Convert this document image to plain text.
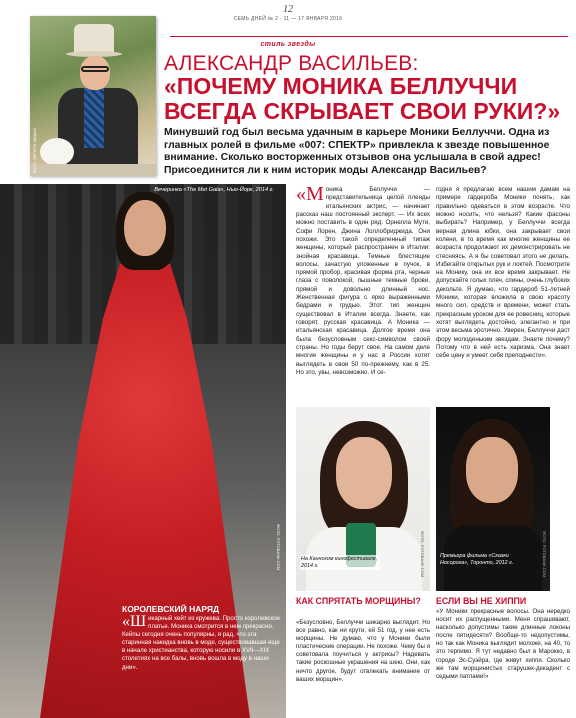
12
СЕМЬ ДНЕЙ № 2 · 11 — 17 ЯНВАРЯ 2016
стиль звезды
ФОТО: ЛЕГИОН-МЕДИА
АЛЕКСАНДР ВАСИЛЬЕВ:
«ПОЧЕМУ МОНИКА БЕЛЛУЧЧИ ВСЕГДА СКРЫВАЕТ СВОИ РУКИ?»
Минувший год был весьма удачным в карьере Моники Беллуччи. Одна из главных ролей в фильме «007: СПЕКТР» привлекла к звезде повышенное внимание. Сколько восторженных отзывов она услышала в свой адрес! Присоединится ли к ним историк моды Александр Васильев?
Вечеринка «The Met Gala», Нью-Йорк, 2014 г.
ФОТО: FOTOBANK.COM
КОРОЛЕВСКИЙ НАРЯД
«Ш икарный хейт из кружева. Просто королевское платье. Моника смотрится в нем прекрасно. Кейпы сегодня очень популярны, я рад, что эта старинная накидка вновь в моде, существовавшая еще в начале христианства, которую носили в XVII—XIX столетиях на все балы, вновь вошла в моду в наши дни».
«М оника Беллуччи — представительница целой плеяды итальянских актрис, — начинает рассказ наш постоянный эксперт. — Их всех можно поставить в один ряд: Орнелла Мути, Софи Лорен, Джина Лоллобриджида. Они похожи. Это такой определенный типаж женщины, который распространен в Италии: знойная красавица. Темные блестящие волосы, зачастую уложенные в пучок, в прямой пробор, красивая форма рта, черные глаза с поволокой, пышные темные брови, прямой и довольно длинный нос. Женственная фигура с ярко выраженными бедрами и грудью. Этот тип женщин существовал в Италии всегда. Знаете, как говорят, русская красавица. А Моника — итальянская красавица. Долгое время она была безусловным секс-символом своей страны. Но годы берут свое. На самом деле многие женщины и у нас в России хотят выглядеть в свои 50 по-прежнему, как в 25. Но это, увы, невозможно. И се-
годня я предлагаю всем нашим дамам на примере гардероба Моники понять, как правильно одеваться в этом возрасте. Что можно носить, что нельзя? Какие фасоны выбирать? Например, у Беллуччи всегда верная длина юбки, она закрывает свои колени, в то время как многие женщины ее возраста продолжают их демонстрировать не стесняясь. А я бы советовал этого не делать. Избегайте открытых рук и локтей. Посмотрите на Монику, она их все время закрывает. Не допускайте голых плеч, спины, очень глубоких декольте. Я думаю, что гардероб 51-летней Моники, которая вложила в свою красоту много сил, средств и времени, может стать прекрасным уроком для ее ровесниц, которые хотят выглядеть достойно, элегантно и при этом весьма эротично. Уверен, Беллуччи даст фору молоденьким звездам. Знаете почему? Потому что в ней есть харизма. Она знает себе цену и умеет себя преподнести».
На Каннском кинофестивале, 2014 г.	ФОТО: FOTOBANK.COM	Премьера фильма «Сказки Носорога», Торонто, 2012 г.	ФОТО: FOTOBANK.COM
КАК СПРЯТАТЬ МОРЩИНЫ?
«Безусловно, Беллуччи шикарно выглядит. Но все равно, как ни крути, ей 51 год, у нее есть морщины. Не думаю, что у Моники были пластические операции. Не похоже. Чему бы я советовала поучиться у актрисы? Надевать такие роскошные украшения на шею. Они, как ничто другое, будут отвлекать внимание от ваших морщин».
ЕСЛИ ВЫ НЕ ХИППИ
«У Моники прекрасные волосы. Она нередко носит их распущенными. Меня спрашивают, насколько допустимы такие длинные локоны после пятидесяти? Вообще-то недопустимы, но так как Моника выглядит моложе, на 40, то это терпимо. Я тут недавно был в Марокко, в городе Эс-Суэйра, где живут хиппи. Сколько же там морщинистых старушек-декадент с седыми патлами!»
